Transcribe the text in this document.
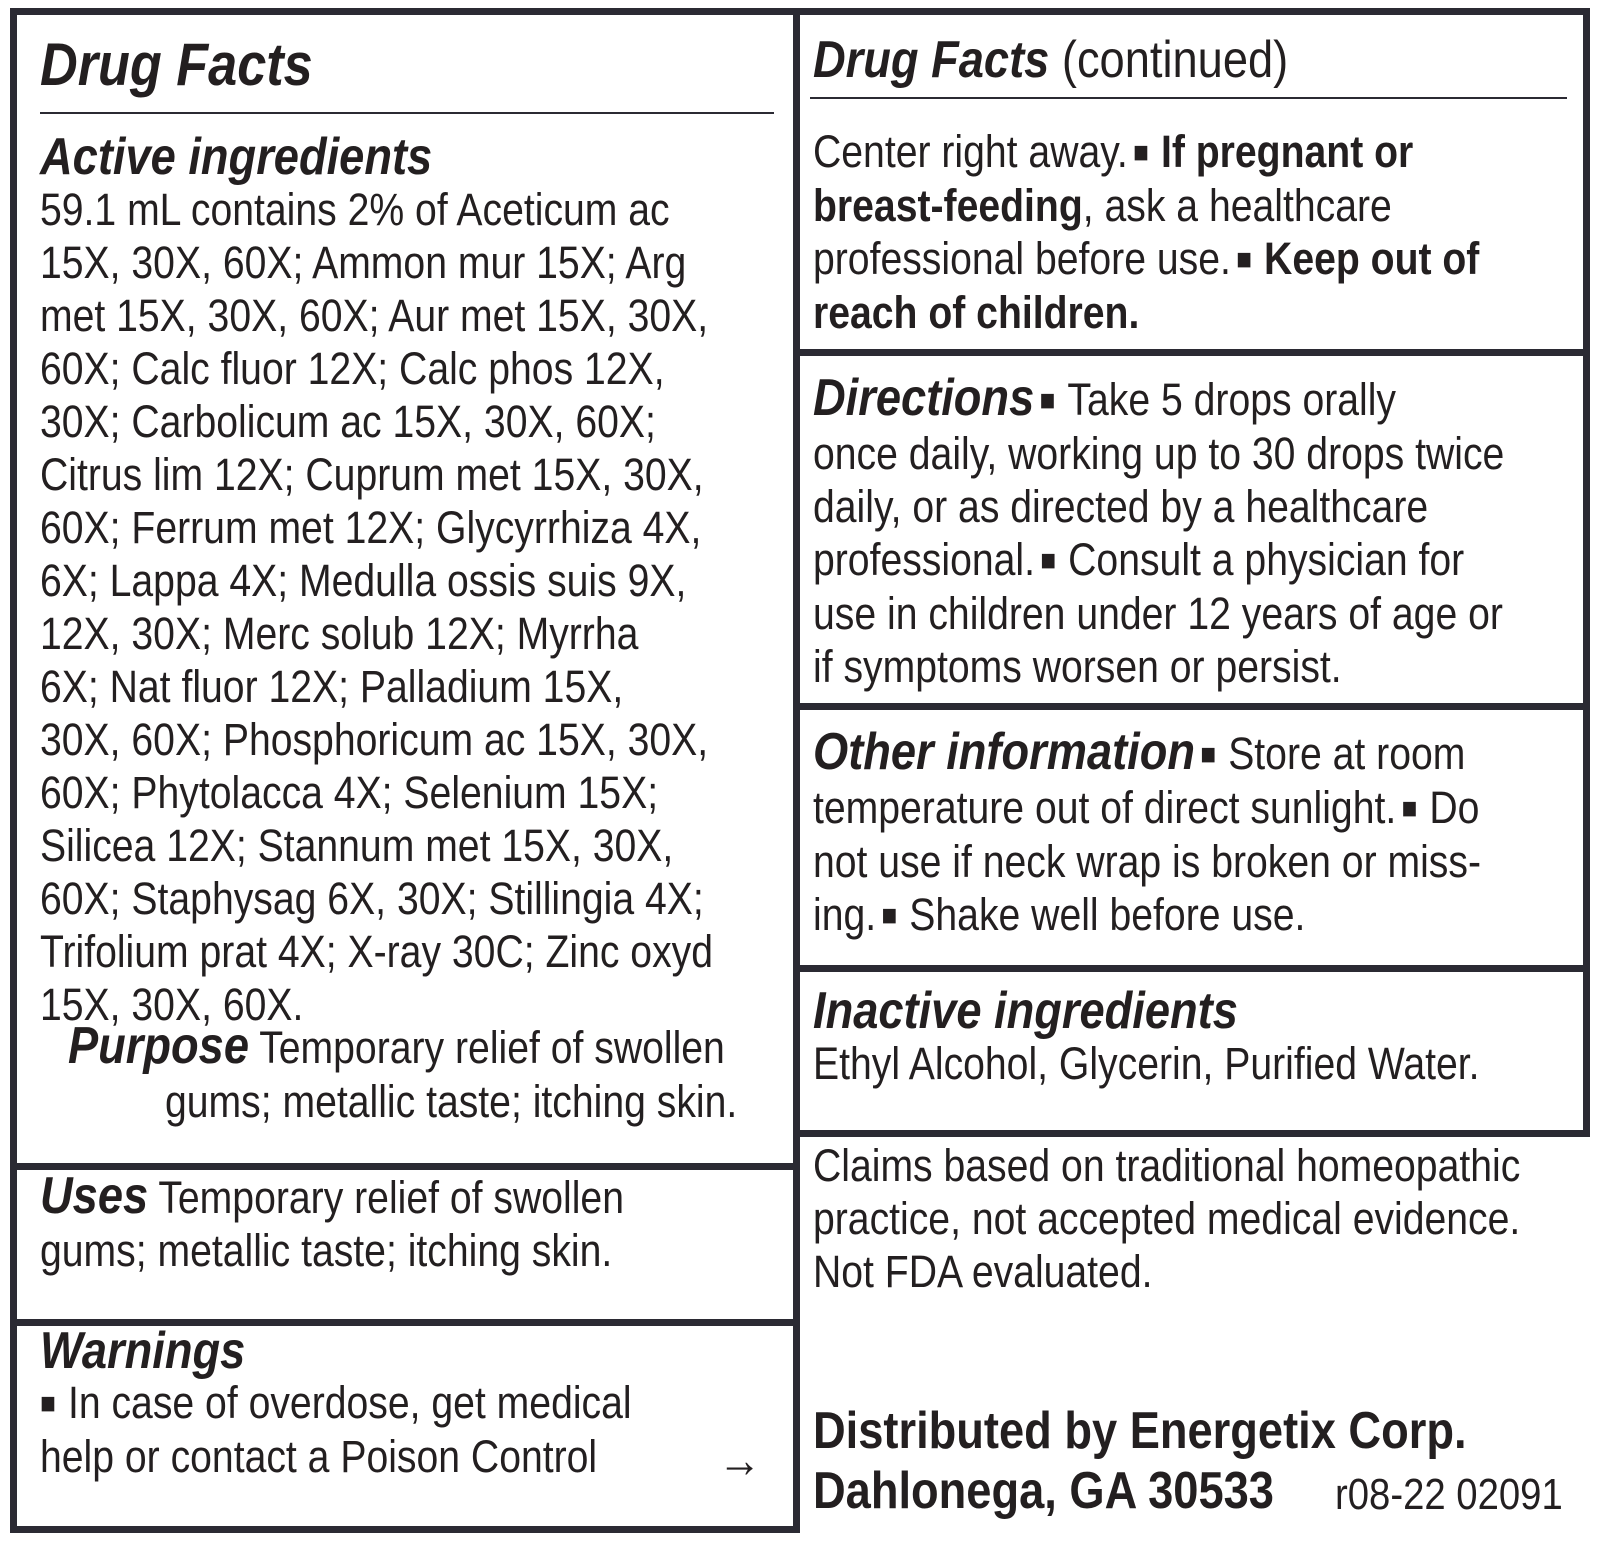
Drug Facts
Active ingredients
59.1 mL contains 2% of Aceticum ac
15X, 30X, 60X; Ammon mur 15X; Arg
met 15X, 30X, 60X; Aur met 15X, 30X,
60X; Calc fluor 12X; Calc phos 12X,
30X; Carbolicum ac 15X, 30X, 60X;
Citrus lim 12X; Cuprum met 15X, 30X,
60X; Ferrum met 12X; Glycyrrhiza 4X,
6X; Lappa 4X; Medulla ossis suis 9X,
12X, 30X; Merc solub 12X; Myrrha
6X; Nat fluor 12X; Palladium 15X,
30X, 60X; Phosphoricum ac 15X, 30X,
60X; Phytolacca 4X; Selenium 15X;
Silicea 12X; Stannum met 15X, 30X,
60X; Staphysag 6X, 30X; Stillingia 4X;
Trifolium prat 4X; X-ray 30C; Zinc oxyd
15X, 30X, 60X.
Purpose Temporary relief of swollen
gums; metallic taste; itching skin.
Uses Temporary relief of swollen
gums; metallic taste; itching skin.
Warnings
■ In case of overdose, get medical
help or contact a Poison Control	→
Drug Facts (continued)
Center right away. ■ If pregnant or
breast-feeding, ask a healthcare
professional before use. ■ Keep out of
reach of children.
Directions ■ Take 5 drops orally
once daily, working up to 30 drops twice
daily, or as directed by a healthcare
professional. ■ Consult a physician for
use in children under 12 years of age or
if symptoms worsen or persist.
Other information ■ Store at room
temperature out of direct sunlight. ■ Do
not use if neck wrap is broken or miss-
ing. ■ Shake well before use.
Inactive ingredients
Ethyl Alcohol, Glycerin, Purified Water.
Claims based on traditional homeopathic
practice, not accepted medical evidence.
Not FDA evaluated.
Distributed by Energetix Corp.
Dahlonega, GA 30533 r08-22 02091
